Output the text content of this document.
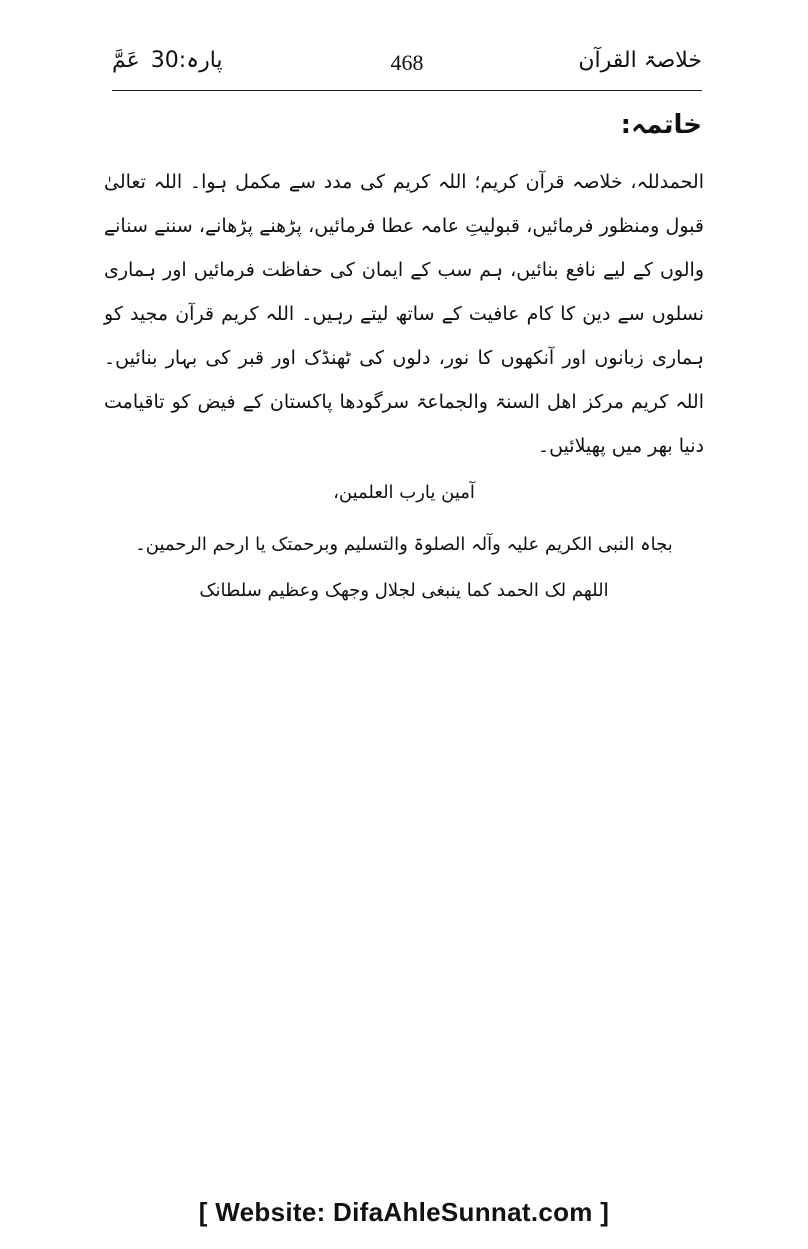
پارہ:30 عَمَّ	468	خلاصۃ القرآن
خاتمہ:
الحمدللہ، خلاصہ قرآن کریم؛ اللہ کریم کی مدد سے مکمل ہوا۔ اللہ تعالیٰ قبول ومنظور فرمائیں، قبولیتِ عامہ عطا فرمائیں، پڑھنے پڑھانے، سننے سنانے والوں کے لیے نافع بنائیں، ہم سب کے ایمان کی حفاظت فرمائیں اور ہماری نسلوں سے دین کا کام عافیت کے ساتھ لیتے رہیں۔ اللہ کریم قرآن مجید کو ہماری زبانوں اور آنکھوں کا نور، دلوں کی ٹھنڈک اور قبر کی بہار بنائیں۔ اللہ کریم مرکز اھل السنۃ والجماعۃ سرگودھا پاکستان کے فیض کو تاقیامت دنیا بھر میں پھیلائیں۔
آمین یارب العلمین،
بجاہ النبی الکریم علیہ وآلہ الصلوۃ والتسلیم وبرحمتک یا ارحم الرحمین۔
اللھم لک الحمد کما ینبغی لجلال وجھک وعظیم سلطانک
[ Website: DifaAhleSunnat.com ]
